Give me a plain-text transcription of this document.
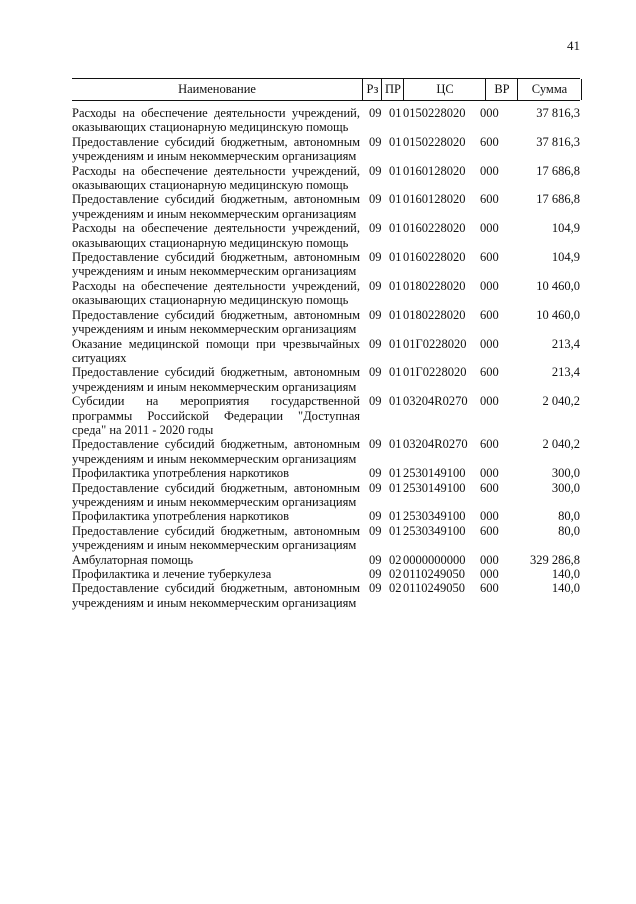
41
Наименование	Рз ПР	ЦС	ВР	Сумма
Расходы на обеспечение деятельности учреждений, оказывающих стационарную медицинскую помощь
09 01 0150228020 000	37 816,3
Предоставление субсидий бюджетным, автономным учреждениям и иным некоммерческим организациям
09 01 0150228020 600	37 816,3
Расходы на обеспечение деятельности учреждений, оказывающих стационарную медицинскую помощь
09 01 0160128020 000	17 686,8
Предоставление субсидий бюджетным, автономным учреждениям и иным некоммерческим организациям
09 01 0160128020 600	17 686,8
Расходы на обеспечение деятельности учреждений, оказывающих стационарную медицинскую помощь
09 01 0160228020 000	104,9
Предоставление субсидий бюджетным, автономным учреждениям и иным некоммерческим организациям
09 01 0160228020 600	104,9
Расходы на обеспечение деятельности учреждений, оказывающих стационарную медицинскую помощь
09 01 0180228020 000	10 460,0
Предоставление субсидий бюджетным, автономным учреждениям и иным некоммерческим организациям
09 01 0180228020 600	10 460,0
Оказание медицинской помощи при чрезвычайных ситуациях
09 01 01Г0228020 000	213,4
Предоставление субсидий бюджетным, автономным учреждениям и иным некоммерческим организациям
09 01 01Г0228020 600	213,4
Субсидии на мероприятия государственной программы Российской Федерации "Доступная среда" на 2011 - 2020 годы
09 01 03204R0270 000	2 040,2
Предоставление субсидий бюджетным, автономным учреждениям и иным некоммерческим организациям
09 01 03204R0270 600	2 040,2
Профилактика употребления наркотиков	09 01 2530149100 000	300,0
Предоставление субсидий бюджетным, автономным учреждениям и иным некоммерческим организациям
09 01 2530149100 600	300,0
Профилактика употребления наркотиков	09 01 2530349100 000	80,0
Предоставление субсидий бюджетным, автономным учреждениям и иным некоммерческим организациям
09 01 2530349100 600	80,0
Амбулаторная помощь	09 02 0000000000 000	329 286,8
Профилактика и лечение туберкулеза	09 02 0110249050 000	140,0
Предоставление субсидий бюджетным, автономным учреждениям и иным некоммерческим организациям
09 02 0110249050 600	140,0
